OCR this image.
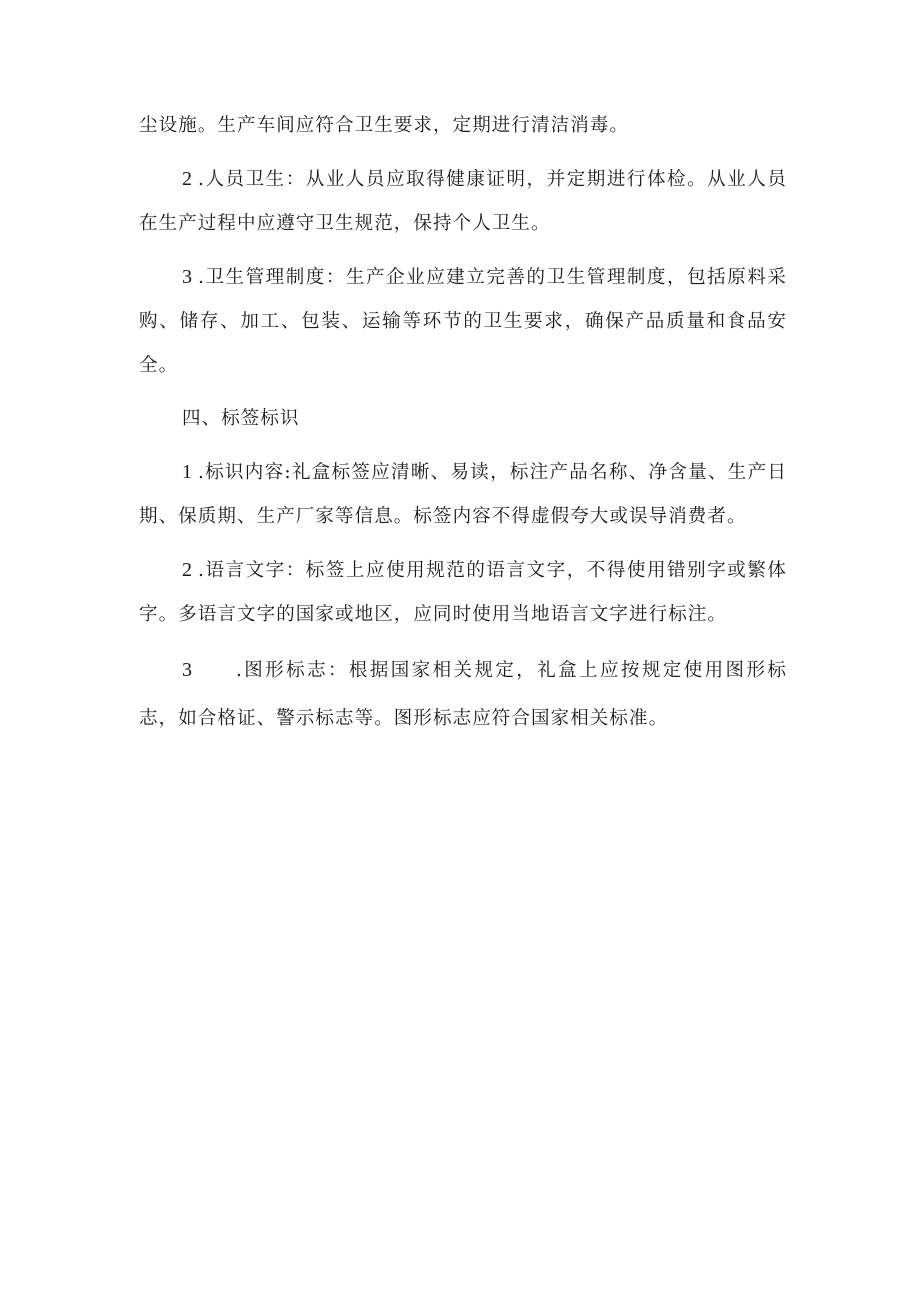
尘设施。生产车间应符合卫生要求，定期进行清洁消毒。

2 .人员卫生：从业人员应取得健康证明，并定期进行体检。从业人员在生产过程中应遵守卫生规范，保持个人卫生。

3 .卫生管理制度：生产企业应建立完善的卫生管理制度，包括原料采购、储存、加工、包装、运输等环节的卫生要求，确保产品质量和食品安全。

四、标签标识

1 .标识内容:礼盒标签应清晰、易读，标注产品名称、净含量、生产日期、保质期、生产厂家等信息。标签内容不得虚假夸大或误导消费者。

2 .语言文字：标签上应使用规范的语言文字，不得使用错别字或繁体字。多语言文字的国家或地区，应同时使用当地语言文字进行标注。

3 .图形标志：根据国家相关规定，礼盒上应按规定使用图形标志，如合格证、警示标志等。图形标志应符合国家相关标准。
